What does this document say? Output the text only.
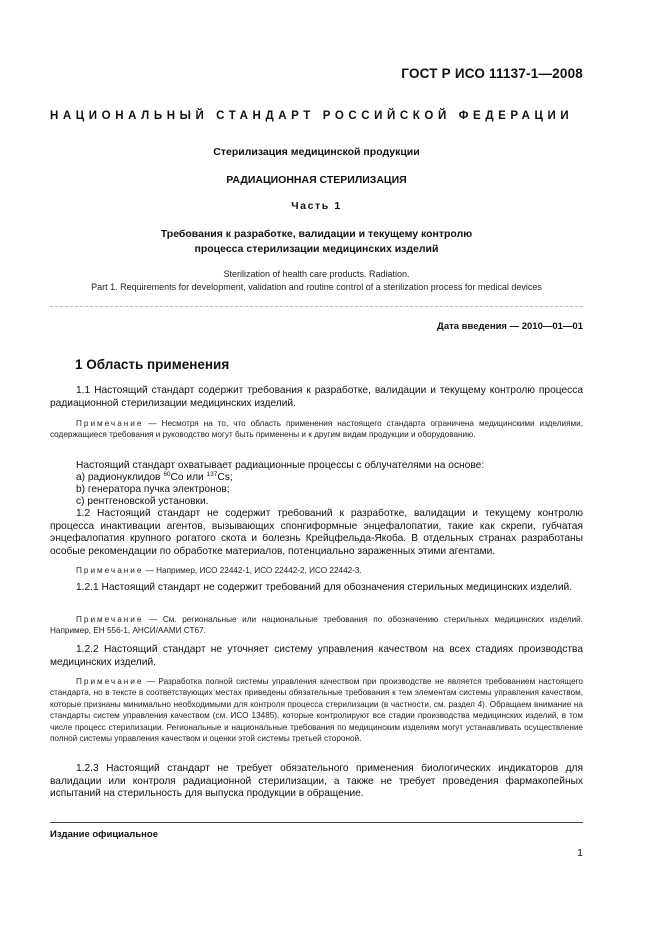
ГОСТ Р ИСО 11137-1—2008
НАЦИОНАЛЬНЫЙ СТАНДАРТ РОССИЙСКОЙ ФЕДЕРАЦИИ
Стерилизация медицинской продукции
РАДИАЦИОННАЯ СТЕРИЛИЗАЦИЯ
Часть 1
Требования к разработке, валидации и текущему контролю
процесса стерилизации медицинских изделий
Sterilization of health care products. Radiation.
Part 1. Requirements for development, validation and routine control of a sterilization process for medical devices
Дата введения — 2010—01—01
1 Область применения
1.1 Настоящий стандарт содержит требования к разработке, валидации и текущему контролю процесса радиационной стерилизации медицинских изделий.
Примечание — Несмотря на то, что область применения настоящего стандарта ограничена медицинскими изделиями, содержащиеся требования и руководство могут быть применены и к другим видам продукции и оборудованию.
Настоящий стандарт охватывает радиационные процессы с облучателями на основе:
a) радионуклидов $^{60}$Co или $^{137}$Cs;
b) генератора пучка электронов;
c) рентгеновской установки.
1.2 Настоящий стандарт не содержит требований к разработке, валидации и текущему контролю процесса инактивации агентов, вызывающих спонгиформные энцефалопатии, такие как скрепи, губчатая энцефалопатия крупного рогатого скота и болезнь Крейцфельда-Якоба. В отдельных странах разработаны особые рекомендации по обработке материалов, потенциально зараженных этими агентами.
Примечание — Например, ИСО 22442-1, ИСО 22442-2, ИСО 22442-3.
1.2.1 Настоящий стандарт не содержит требований для обозначения стерильных медицинских изделий.
Примечание — См. региональные или национальные требования по обозначению стерильных медицинских изделий. Например, ЕН 556-1, АНСИ/ААМИ СТ67.
1.2.2 Настоящий стандарт не уточняет систему управления качеством на всех стадиях производства медицинских изделий.
Примечание — Разработка полной системы управления качеством при производстве не является требованием настоящего стандарта, но в тексте в соответствующих местах приведены обязательные требования к тем элементам системы управления качеством, которые признаны минимально необходимыми для контроля процесса стерилизации (в частности, см. раздел 4). Обращаем внимание на стандарты систем управления качеством (см. ИСО 13485), которые контролируют все стадии производства медицинских изделий, в том числе процесс стерилизации. Региональные и национальные требования по медицинским изделиям могут устанавливать осуществление полной системы управления качеством и оценки этой системы третьей стороной.
1.2.3 Настоящий стандарт не требует обязательного применения биологических индикаторов для валидации или контроля радиационной стерилизации, а также не требует проведения фармакопейных испытаний на стерильность для выпуска продукции в обращение.
Издание официальное
1
